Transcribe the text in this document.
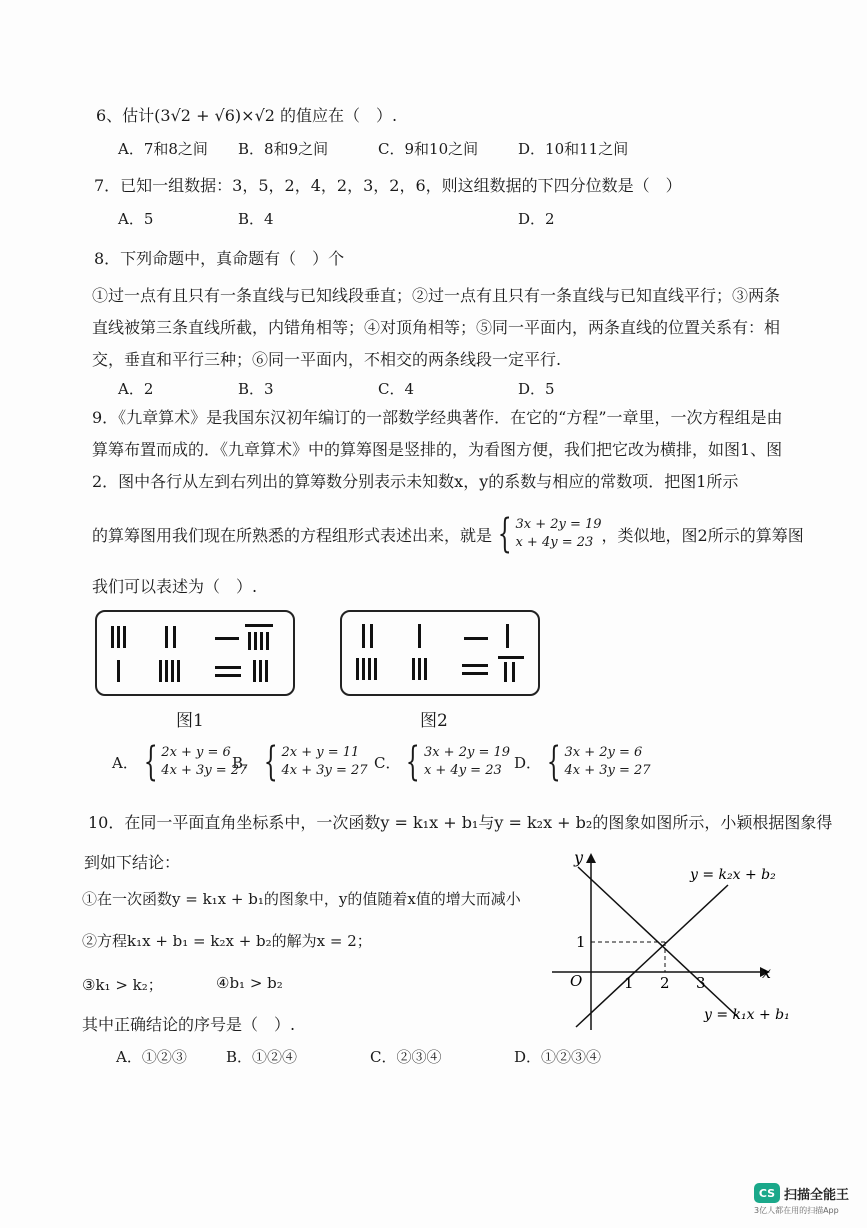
6、估计(3√2 + √6)×√2 的值应在（　）.
A．7和8之间 B．8和9之间	C．9和10之间	D．10和11之间
7．已知一组数据：3，5，2，4，2，3，2，6，则这组数据的下四分位数是（　）
A．5	B．4	D．2
8．下列命题中，真命题有（　）个
①过一点有且只有一条直线与已知线段垂直；②过一点有且只有一条直线与已知直线平行；③两条直线被第三条直线所截，内错角相等；④对顶角相等；⑤同一平面内，两条直线的位置关系有：相交，垂直和平行三种；⑥同一平面内，不相交的两条线段一定平行.
A．2	B．3	C．4	D．5
9．《九章算术》是我国东汉初年编订的一部数学经典著作．在它的“方程”一章里，一次方程组是由算筹布置而成的．《九章算术》中的算筹图是竖排的，为看图方便，我们把它改为横排，如图1、图2．图中各行从左到右列出的算筹数分别表示未知数x，y的系数与相应的常数项．把图1所示
的算筹图用我们现在所熟悉的方程组形式表述出来，就是 { 3x + 2y = 19
x + 4y = 23 ，类似地，图2所示的算筹图
我们可以表述为（　）.
图1	图2
A． { 2x + y = 6
4x + 3y = 27
B． { 2x + y = 11
4x + 3y = 27 C． { 3x + 2y = 19
x + 4y = 23 D． { 3x + 2y = 6
4x + 3y = 27
10．在同一平面直角坐标系中，一次函数y = k₁x + b₁与y = k₂x + b₂的图象如图所示，小颖根据图象得
到如下结论：
①在一次函数y = k₁x + b₁的图象中，y的值随着x值的增大而减小
②方程k₁x + b₁ = k₂x + b₂的解为x = 2；
③k₁ > k₂；	④b₁ > b₂
其中正确结论的序号是（　）.
A．①②③	B．①②④	C．②③④	D．①②③④
y
x
O	1 2 3
1
y = k₂x + b₂
y = k₁x + b₁
CS 扫描全能王
3亿人都在用的扫描App
